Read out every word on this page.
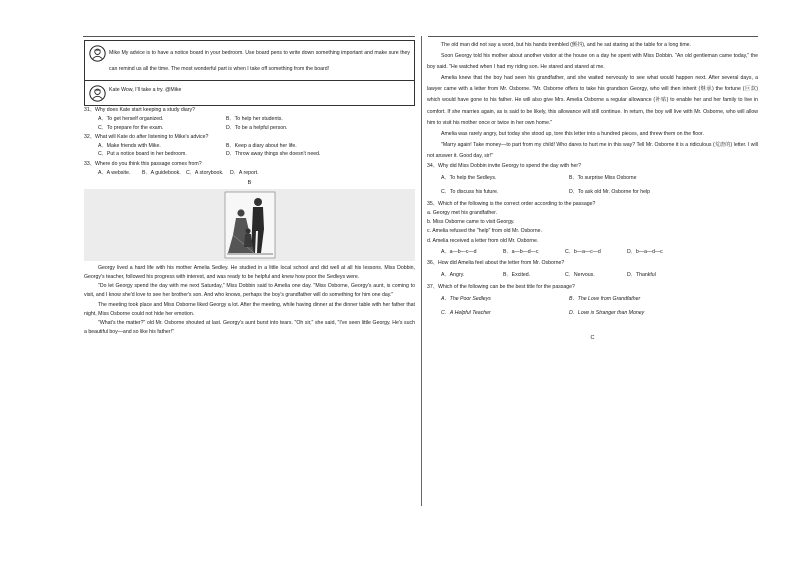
Mike My advice is to have a notice board in your bedroom. Use board pens to write down something important and make sure they can remind us all the time. The most wonderful part is when I take off something from the board!

Kate Wow, I'll take a try. @Mike

31、Why does Kate start keeping a study diary?
A．To get herself organized.	B．To help her students.
C．To prepare for the exam.	D．To be a helpful person.
32、What will Kate do after listening to Mike's advice?
A．Make friends with Mike.	B．Keep a diary about her life.
C．Put a notice board in her bedroom.	D．Throw away things she doesn't need.
33、Where do you think this passage comes from?
A．A website.	B．A guidebook.	C．A storybook.	D．A report.
B

Georgy lived a hard life with his mother Amelia Sedley. He studied in a little local school and did well at all his lessons. Miss Dobbin, Georgy's teacher, followed his progress with interest, and was ready to be helpful and knew how poor the Sedleys were.

"Do let Georgy spend the day with me next Saturday," Miss Dobbin said to Amelia one day. "Miss Osborne, Georgy's aunt, is coming to visit, and I know she'd love to see her brother's son. And who knows, perhaps the boy's grandfather will do something for him one day."

The meeting took place and Miss Osborne liked Georgy a lot. After the meeting, while having dinner at the dinner table with her father that night, Miss Osborne could not hide her emotion.

"What's the matter?" old Mr. Osborne shouted at last. Georgy's aunt burst into tears. "Oh sir," she said, "I've seen little Georgy. He's such a beautiful boy—and so like his father!"

The old man did not say a word, but his hands trembled (颤抖), and he sat staring at the table for a long time.

Soon Georgy told his mother about another visitor at the house on a day he spent with Miss Dobbin. "An old gentleman came today," the boy said. "He watched when I had my riding son. He stared and stared at me.

Amelia knew that the boy had seen his grandfather, and she waited nervously to see what would happen next. After several days, a lawyer came with a letter from Mr. Osborne. "Mr. Osborne offers to take his grandson Georgy, who will then inherit (继承) the fortune (巨款) which would have gone to his father. He will also give Mrs. Amelia Osborne a regular allowance (补贴) to enable her and her family to live in comfort. If she marries again, as is said to be likely, this allowance will still continue. In return, the boy will live with Mr. Osborne, who will allow him to visit his mother once or twice in her own home."

Amelia was rarely angry, but today she stood up, tore this letter into a hundred pieces, and threw them on the floor.

"Marry again! Take money—to part from my child! Who dares to hurt me in this way? Tell Mr. Osborne it is a ridiculous (荒唐的) letter. I will not answer it. Good day, sir!"

34、Why did Miss Dobbin invite Georgy to spend the day with her?
A．To help the Sedleys.	B．To surprise Miss Osborne
C．To discuss his future.	D．To ask old Mr. Osborne for help
35、Which of the following is the correct order according to the passage?

a. Georgy met his grandfather.

b. Miss Osborne came to visit Georgy.

c. Amelia refused the "help" from old Mr. Osborne.

d. Amelia received a letter from old Mr. Osborne.

A．a—b—c—d	B．a—b—d—c	C．b—a—c—d	D．b—a—d—c
36、How did Amelia feel about the letter from Mr. Osborne?
A．Angry.	B．Excited.	C．Nervous.	D．Thankful
37、Which of the following can be the best title for the passage?
A．The Poor Sedleys	B．The Love from Grandfather
C．A Helpful Teacher	D．Love is Stranger than Money
C
